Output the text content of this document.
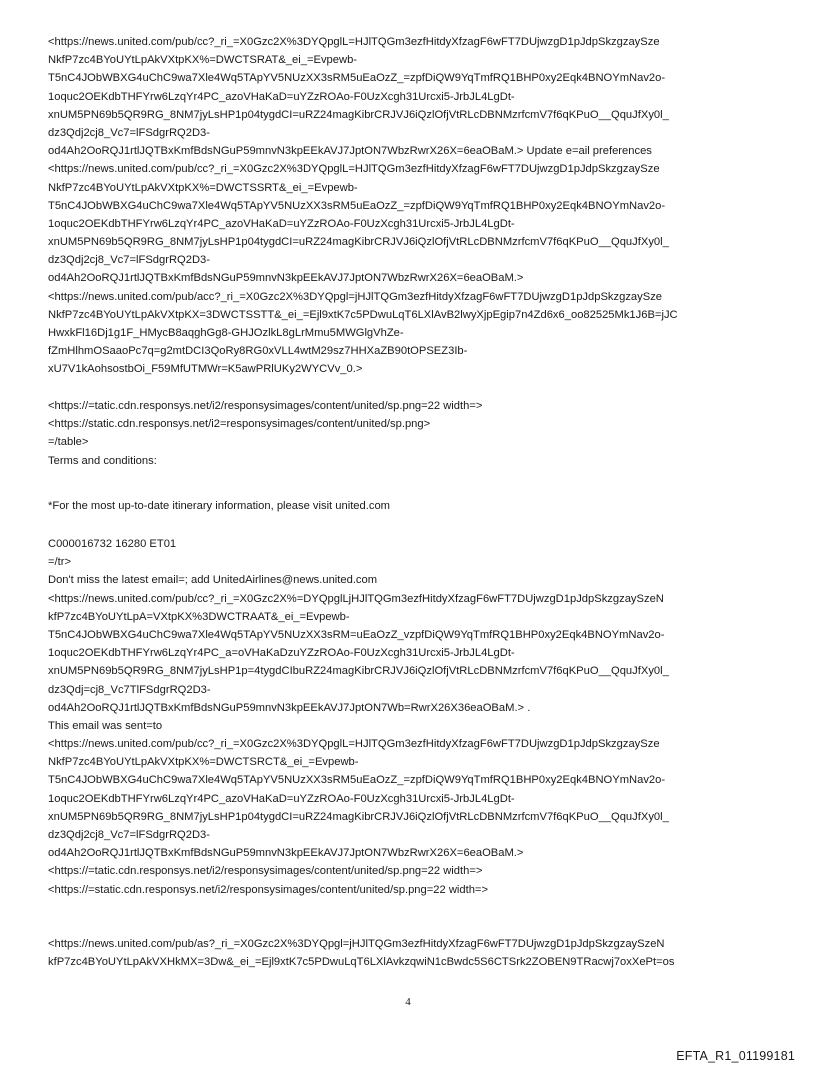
<https://news.united.com/pub/cc?_ri_=X0Gzc2X%3DYQpglL=HJlTQGm3ezfHitdyXfzagF6wFT7DUjwzgD1pJdpSkzgzaySze
NkfP7zc4BYoUYtLpAkVXtpKX%=DWCTSRAT&_ei_=Evpewb-
T5nC4JObWBXG4uChC9wa7Xle4Wq5TApYV5NUzXX3sRM5uEaOzZ_=zpfDiQW9YqTmfRQ1BHP0xy2Eqk4BNOYmNav2o-
1oquc2OEKdbTHFYrw6LzqYr4PC_azoVHaKaD=uYZzROAo-F0UzXcgh31Urcxi5-JrbJL4LgDt-
xnUM5PN69b5QR9RG_8NM7jyLsHP1p04tygdCI=uRZ24magKibrCRJVJ6iQzlOfjVtRLcDBNMzrfcmV7f6qKPuO__QquJfXy0l_
dz3Qdj2cj8_Vc7=lFSdgrRQ2D3-
od4Ah2OoRQJ1rtlJQTBxKmfBdsNGuP59mnvN3kpEEkAVJ7JptON7WbzRwrX26X=6eaOBaM.> Update e=ail preferences
<https://news.united.com/pub/cc?_ri_=X0Gzc2X%3DYQpglL=HJlTQGm3ezfHitdyXfzagF6wFT7DUjwzgD1pJdpSkzgzaySze
NkfP7zc4BYoUYtLpAkVXtpKX%=DWCTSSRT&_ei_=Evpewb-
T5nC4JObWBXG4uChC9wa7Xle4Wq5TApYV5NUzXX3sRM5uEaOzZ_=zpfDiQW9YqTmfRQ1BHP0xy2Eqk4BNOYmNav2o-
1oquc2OEKdbTHFYrw6LzqYr4PC_azoVHaKaD=uYZzROAo-F0UzXcgh31Urcxi5-JrbJL4LgDt-
xnUM5PN69b5QR9RG_8NM7jyLsHP1p04tygdCI=uRZ24magKibrCRJVJ6iQzlOfjVtRLcDBNMzrfcmV7f6qKPuO__QquJfXy0l_
dz3Qdj2cj8_Vc7=lFSdgrRQ2D3-
od4Ah2OoRQJ1rtlJQTBxKmfBdsNGuP59mnvN3kpEEkAVJ7JptON7WbzRwrX26X=6eaOBaM.>
<https://news.united.com/pub/acc?_ri_=X0Gzc2X%3DYQpgl=jHJlTQGm3ezfHitdyXfzagF6wFT7DUjwzgD1pJdpSkzgzaySze
NkfP7zc4BYoUYtLpAkVXtpKX=3DWCTSSTT&_ei_=Ejl9xtK7c5PDwuLqT6LXlAvB2lwyXjpEgip7n4Zd6x6_oo82525Mk1J6B=jJC
HwxkFl16Dj1g1F_HMycB8aqghGg8-GHJOzlkL8gLrMmu5MWGlgVhZe-
fZmHlhmOSaaoPc7q=g2mtDCI3QoRy8RG0xVLL4wtM29sz7HHXaZB90tOPSEZ3Ib-
xU7V1kAohsostbOi_F59MfUTMWr=K5awPRlUKy2WYCVv_0.>
<https://=tatic.cdn.responsys.net/i2/responsysimages/content/united/sp.png=22 width=>
<https://static.cdn.responsys.net/i2=responsysimages/content/united/sp.png>
=/table>
Terms and conditions:
*For the most up-to-date itinerary information, please visit united.com
C000016732 16280 ET01
=/tr>
Don't miss the latest email=; add UnitedAirlines@news.united.com
<https://news.united.com/pub/cc?_ri_=X0Gzc2X%=DYQpglLjHJlTQGm3ezfHitdyXfzagF6wFT7DUjwzgD1pJdpSkzgzaySzeN
kfP7zc4BYoUYtLpA=VXtpKX%3DWCTRAAT&_ei_=Evpewb-
T5nC4JObWBXG4uChC9wa7Xle4Wq5TApYV5NUzXX3sRM=uEaOzZ_vzpfDiQW9YqTmfRQ1BHP0xy2Eqk4BNOYmNav2o-
1oquc2OEKdbTHFYrw6LzqYr4PC_a=oVHaKaDzuYZzROAo-F0UzXcgh31Urcxi5-JrbJL4LgDt-
xnUM5PN69b5QR9RG_8NM7jyLsHP1p=4tygdCIbuRZ24magKibrCRJVJ6iQzlOfjVtRLcDBNMzrfcmV7f6qKPuO__QquJfXy0l_
dz3Qdj=cj8_Vc7TlFSdgrRQ2D3-
od4Ah2OoRQJ1rtlJQTBxKmfBdsNGuP59mnvN3kpEEkAVJ7JptON7Wb=RwrX26X36eaOBaM.> .
This email was sent=to
<https://news.united.com/pub/cc?_ri_=X0Gzc2X%3DYQpglL=HJlTQGm3ezfHitdyXfzagF6wFT7DUjwzgD1pJdpSkzgzaySze
NkfP7zc4BYoUYtLpAkVXtpKX%=DWCTSRCT&_ei_=Evpewb-
T5nC4JObWBXG4uChC9wa7Xle4Wq5TApYV5NUzXX3sRM5uEaOzZ_=zpfDiQW9YqTmfRQ1BHP0xy2Eqk4BNOYmNav2o-
1oquc2OEKdbTHFYrw6LzqYr4PC_azoVHaKaD=uYZzROAo-F0UzXcgh31Urcxi5-JrbJL4LgDt-
xnUM5PN69b5QR9RG_8NM7jyLsHP1p04tygdCI=uRZ24magKibrCRJVJ6iQzlOfjVtRLcDBNMzrfcmV7f6qKPuO__QquJfXy0l_
dz3Qdj2cj8_Vc7=lFSdgrRQ2D3-
od4Ah2OoRQJ1rtlJQTBxKmfBdsNGuP59mnvN3kpEEkAVJ7JptON7WbzRwrX26X=6eaOBaM.>
<https://=tatic.cdn.responsys.net/i2/responsysimages/content/united/sp.png=22 width=>
<https://=static.cdn.responsys.net/i2/responsysimages/content/united/sp.png=22 width=>
<https://news.united.com/pub/as?_ri_=X0Gzc2X%3DYQpgl=jHJlTQGm3ezfHitdyXfzagF6wFT7DUjwzgD1pJdpSkzgzaySzeN
kfP7zc4BYoUYtLpAkVXHkMX=3Dw&_ei_=Ejl9xtK7c5PDwuLqT6LXlAvkzqwiN1cBwdc5S6CTSrk2ZOBEN9TRacwj7oxXePt=os
4
EFTA_R1_01199181
